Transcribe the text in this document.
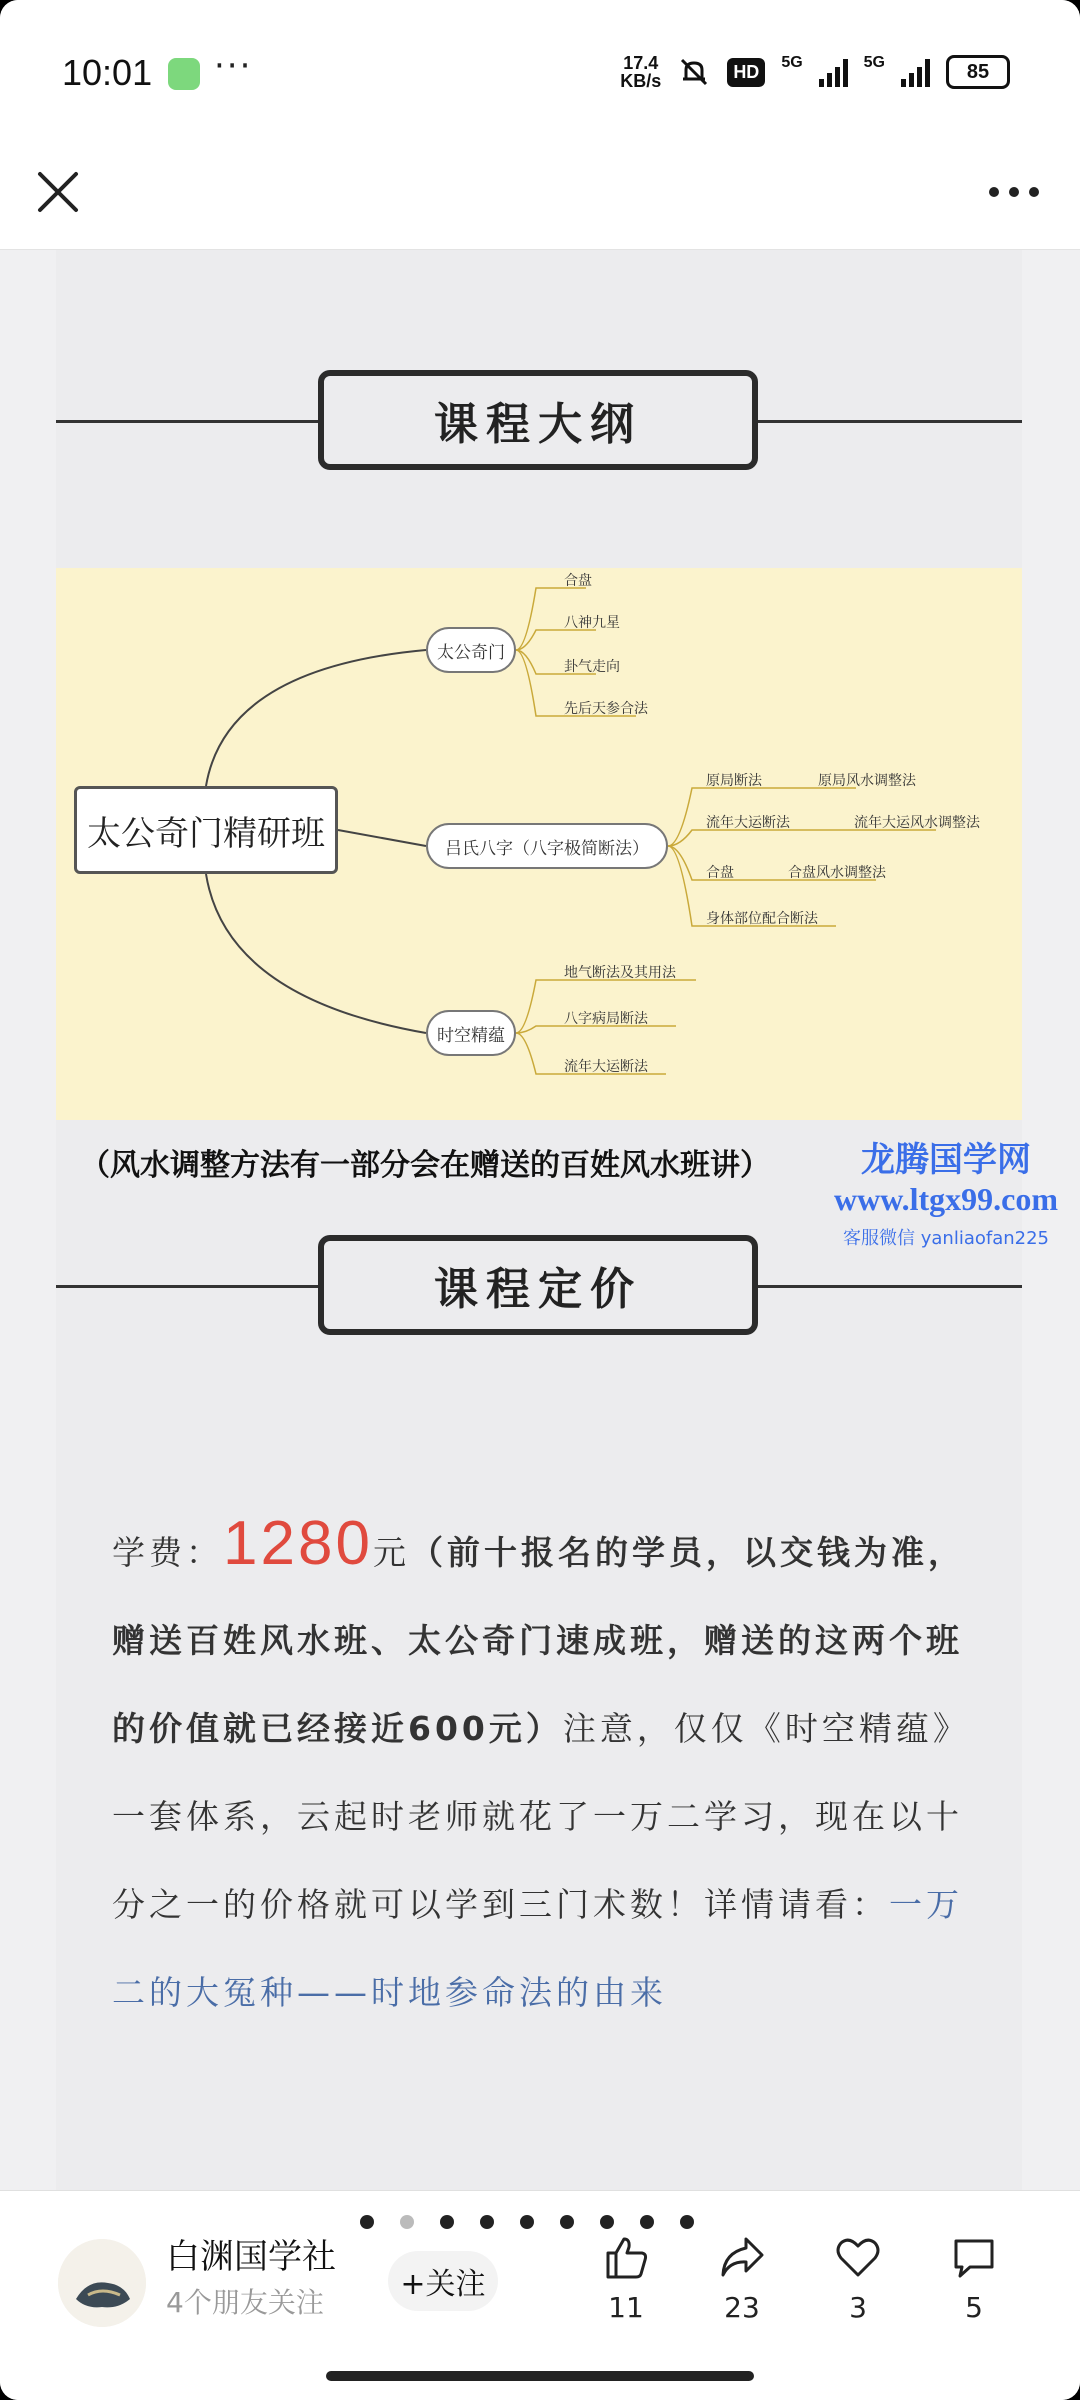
10:01 ···	17.4
KB/s	HD	5G	5G	85
课程大纲
太公奇门精研班
太公奇门
合盘
八神九星
卦气走向
先后天参合法
吕氏八字（八字极简断法）
原局断法	原局风水调整法
流年大运断法	流年大运风水调整法
合盘	合盘风水调整法
身体部位配合断法
时空精蕴
地气断法及其用法
八字病局断法
流年大运断法
（风水调整方法有一部分会在赠送的百姓风水班讲）
课程定价
学费：1280元（前十报名的学员，以交钱为准，赠送百姓风水班、太公奇门速成班，赠送的这两个班的价值就已经接近600元）注意，仅仅《时空精蕴》一套体系，云起时老师就花了一万二学习，现在以十分之一的价格就可以学到三门术数！详情请看：一万二的大冤种——时地参命法的由来
龙腾国学网
www.ltgx99.com
客服微信 yanliaofan225
白渊国学社
4个朋友关注
+关注
11	23	3	5
